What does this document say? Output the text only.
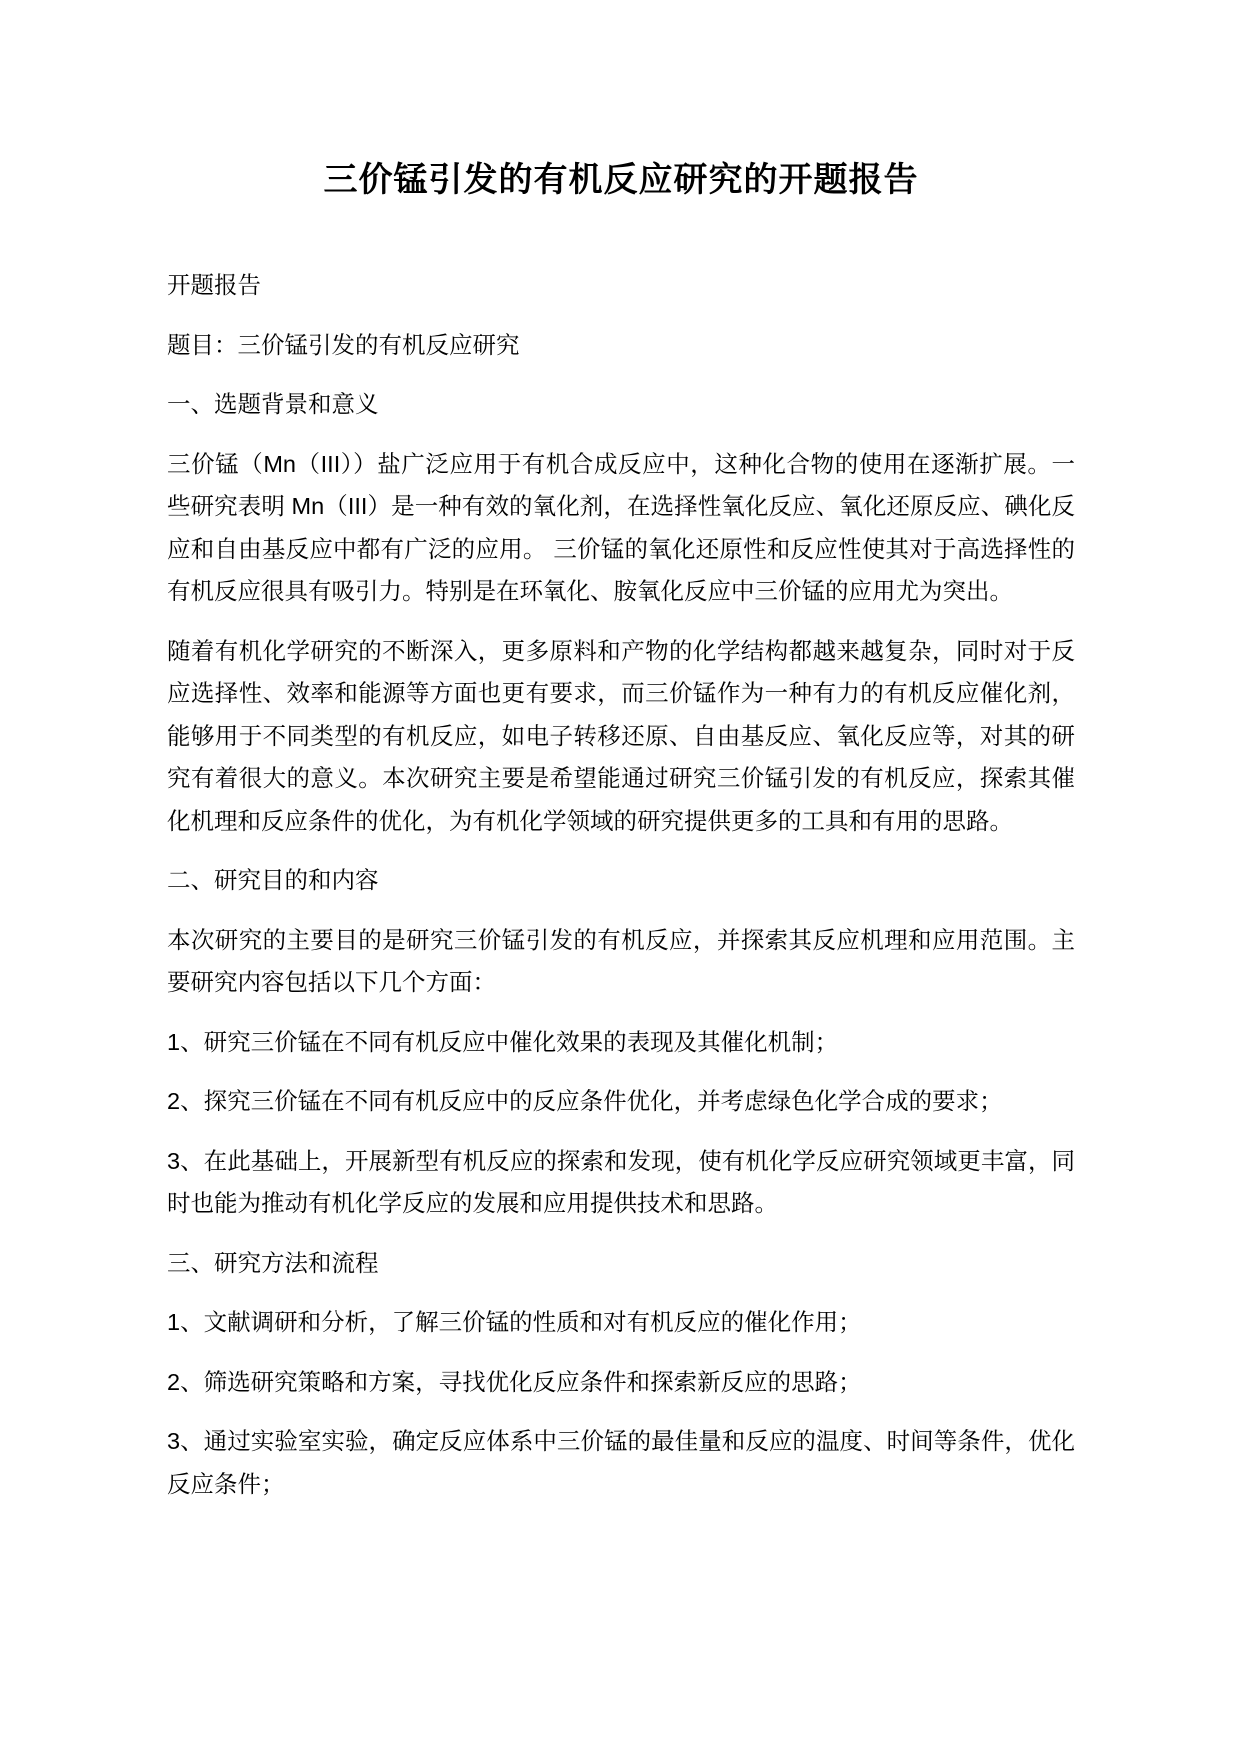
三价锰引发的有机反应研究的开题报告

开题报告

题目：三价锰引发的有机反应研究

一、选题背景和意义

三价锰（Mn（III））盐广泛应用于有机合成反应中，这种化合物的使用在逐渐扩展。一些研究表明 Mn（III）是一种有效的氧化剂，在选择性氧化反应、氧化还原反应、碘化反应和自由基反应中都有广泛的应用。 三价锰的氧化还原性和反应性使其对于高选择性的有机反应很具有吸引力。特别是在环氧化、胺氧化反应中三价锰的应用尤为突出。

随着有机化学研究的不断深入，更多原料和产物的化学结构都越来越复杂，同时对于反应选择性、效率和能源等方面也更有要求，而三价锰作为一种有力的有机反应催化剂，能够用于不同类型的有机反应，如电子转移还原、自由基反应、氧化反应等，对其的研究有着很大的意义。本次研究主要是希望能通过研究三价锰引发的有机反应，探索其催化机理和反应条件的优化，为有机化学领域的研究提供更多的工具和有用的思路。

二、研究目的和内容

本次研究的主要目的是研究三价锰引发的有机反应，并探索其反应机理和应用范围。主要研究内容包括以下几个方面：

1、研究三价锰在不同有机反应中催化效果的表现及其催化机制；

2、探究三价锰在不同有机反应中的反应条件优化，并考虑绿色化学合成的要求；

3、在此基础上，开展新型有机反应的探索和发现，使有机化学反应研究领域更丰富，同时也能为推动有机化学反应的发展和应用提供技术和思路。

三、研究方法和流程

1、文献调研和分析，了解三价锰的性质和对有机反应的催化作用；

2、筛选研究策略和方案，寻找优化反应条件和探索新反应的思路；

3、通过实验室实验，确定反应体系中三价锰的最佳量和反应的温度、时间等条件，优化反应条件；
